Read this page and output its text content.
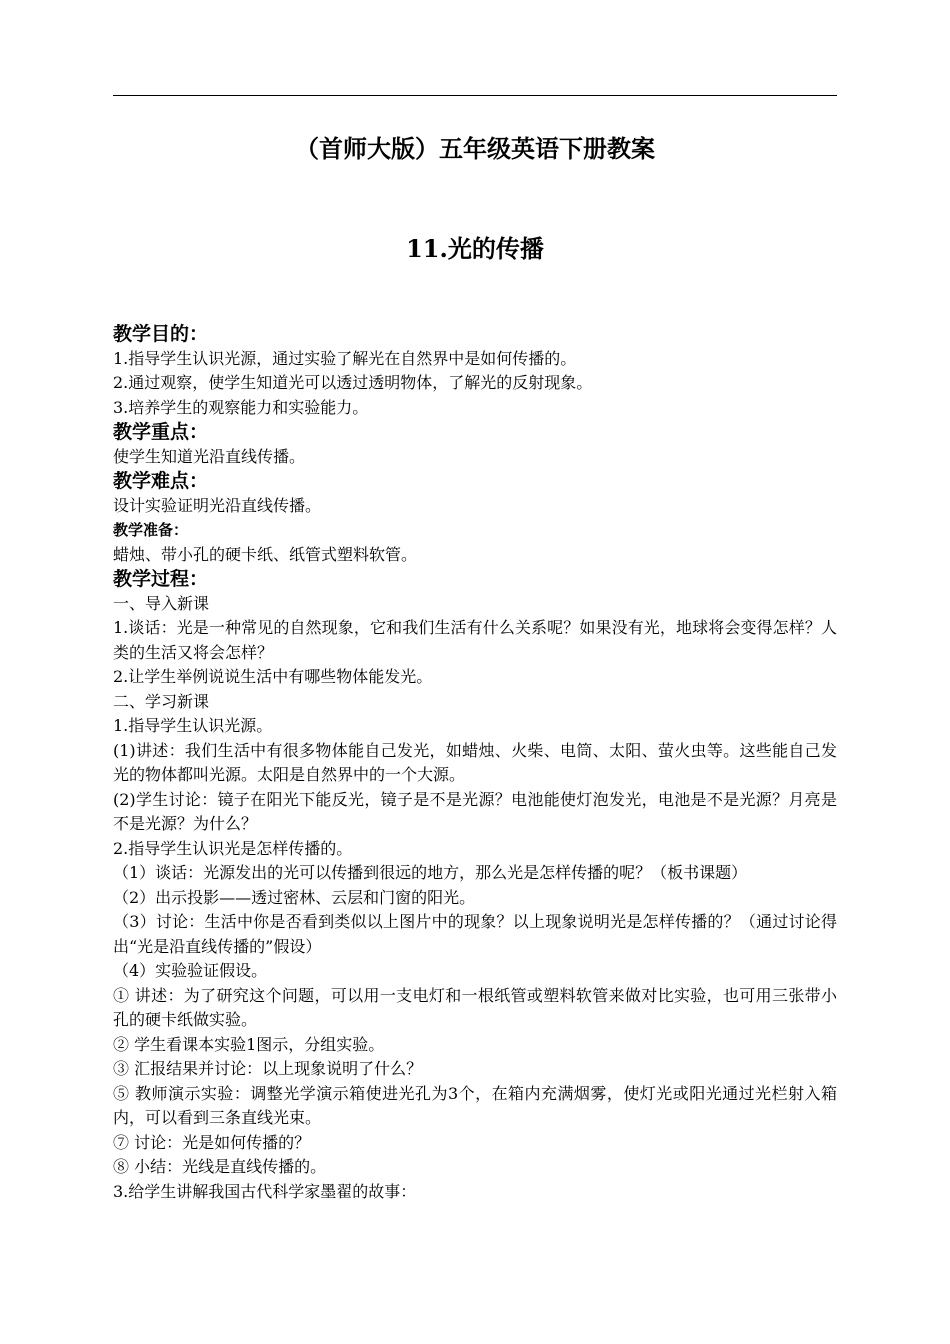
（首师大版）五年级英语下册教案
11.光的传播
教学目的：

1.指导学生认识光源，通过实验了解光在自然界中是如何传播的。

2.通过观察，使学生知道光可以透过透明物体，了解光的反射现象。

3.培养学生的观察能力和实验能力。

教学重点：

使学生知道光沿直线传播。

教学难点：

设计实验证明光沿直线传播。

教学准备：

蜡烛、带小孔的硬卡纸、纸管式塑料软管。

教学过程：

一、导入新课

1.谈话：光是一种常见的自然现象，它和我们生活有什么关系呢？如果没有光，地球将会变得怎样？人类的生活又将会怎样？

2.让学生举例说说生活中有哪些物体能发光。

二、学习新课

1.指导学生认识光源。

(1)讲述：我们生活中有很多物体能自己发光，如蜡烛、火柴、电筒、太阳、萤火虫等。这些能自己发光的物体都叫光源。太阳是自然界中的一个大源。

(2)学生讨论：镜子在阳光下能反光，镜子是不是光源？电池能使灯泡发光，电池是不是光源？月亮是不是光源？为什么？

2.指导学生认识光是怎样传播的。

（1）谈话：光源发出的光可以传播到很远的地方，那么光是怎样传播的呢？（板书课题）

（2）出示投影——透过密林、云层和门窗的阳光。

（3）讨论：生活中你是否看到类似以上图片中的现象？以上现象说明光是怎样传播的？（通过讨论得出“光是沿直线传播的”假设）

（4）实验验证假设。

① 讲述：为了研究这个问题，可以用一支电灯和一根纸管或塑料软管来做对比实验，也可用三张带小孔的硬卡纸做实验。

② 学生看课本实验1图示，分组实验。

③ 汇报结果并讨论：以上现象说明了什么？

⑤ 教师演示实验：调整光学演示箱使进光孔为3个，在箱内充满烟雾，使灯光或阳光通过光栏射入箱内，可以看到三条直线光束。

⑦ 讨论：光是如何传播的？

⑧ 小结：光线是直线传播的。

3.给学生讲解我国古代科学家墨翟的故事：
